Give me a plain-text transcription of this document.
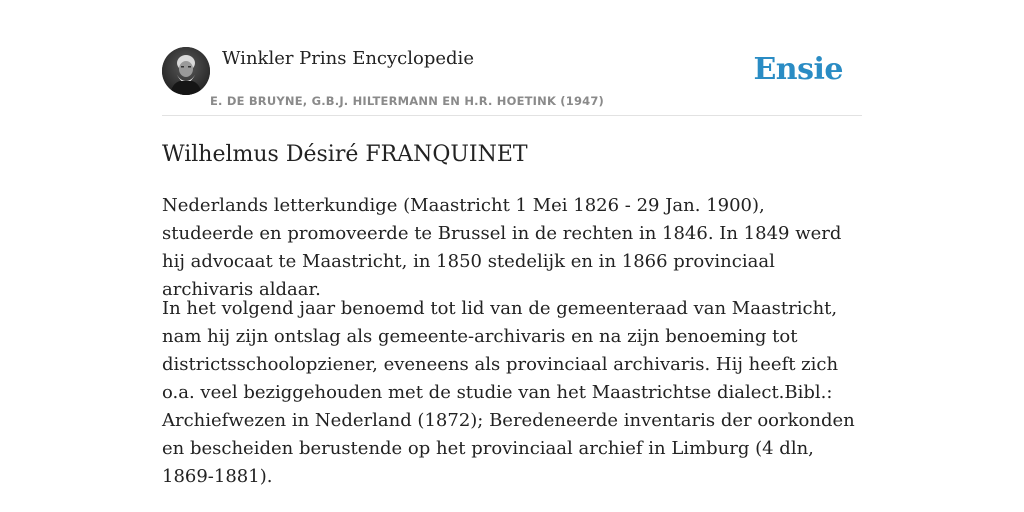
Winkler Prins Encyclopedie
E. DE BRUYNE, G.B.J. HILTERMANN EN H.R. HOETINK (1947)
Ensie
Wilhelmus Désiré FRANQUINET

Nederlands letterkundige (Maastricht 1 Mei 1826 - 29 Jan. 1900), studeerde en promoveerde te Brussel in de rechten in 1846. In 1849 werd hij advocaat te Maastricht, in 1850 stedelijk en in 1866 provinciaal archivaris aldaar.

In het volgend jaar benoemd tot lid van de gemeenteraad van Maastricht, nam hij zijn ontslag als gemeente-archivaris en na zijn benoeming tot districtsschoolopziener, eveneens als provinciaal archivaris. Hij heeft zich o.a. veel beziggehouden met de studie van het Maastrichtse dialect.Bibl.: Archiefwezen in Nederland (1872); Beredeneerde inventaris der oorkonden en bescheiden berustende op het provinciaal archief in Limburg (4 dln, 1869-1881).
